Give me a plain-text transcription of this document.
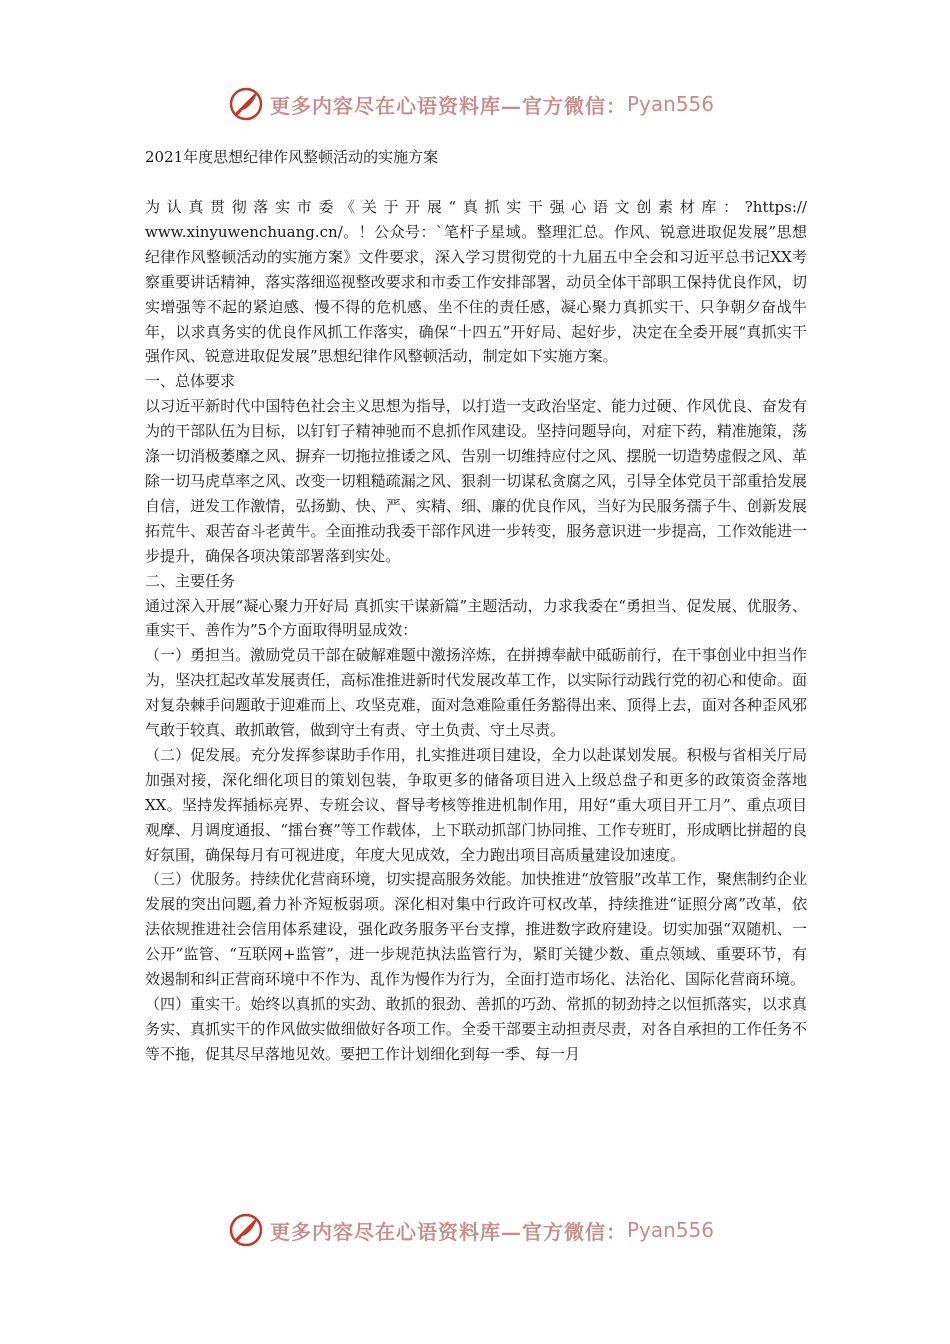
更多内容尽在心语资料库—官方微信： Pyan556
2021年度思想纪律作风整顿活动的实施方案

为认真贯彻落实市委《关于开展“真抓实干强心语文创素材库：?https://

www.xinyuwenchuang.cn/。！公众号：`笔杆子星域。整理汇总。作风、锐意进取促发展”思想纪律作风整顿活动的实施方案》文件要求，深入学习贯彻党的十九届五中全会和习近平总书记XX考察重要讲话精神，落实落细巡视整改要求和市委工作安排部署，动员全体干部职工保持优良作风，切实增强等不起的紧迫感、慢不得的危机感、坐不住的责任感，凝心聚力真抓实干、只争朝夕奋战牛年，以求真务实的优良作风抓工作落实，确保“十四五”开好局、起好步，决定在全委开展“真抓实干强作风、锐意进取促发展”思想纪律作风整顿活动，制定如下实施方案。

一、总体要求

以习近平新时代中国特色社会主义思想为指导，以打造一支政治坚定、能力过硬、作风优良、奋发有为的干部队伍为目标，以钉钉子精神驰而不息抓作风建设。坚持问题导向，对症下药，精准施策，荡涤一切消极萎靡之风、摒弃一切拖拉推诿之风、告别一切维持应付之风、摆脱一切造势虚假之风、革除一切马虎草率之风、改变一切粗糙疏漏之风、狠刹一切谋私贪腐之风，引导全体党员干部重拾发展自信，迸发工作激情，弘扬勤、快、严、实精、细、廉的优良作风，当好为民服务孺子牛、创新发展拓荒牛、艰苦奋斗老黄牛。全面推动我委干部作风进一步转变，服务意识进一步提高，工作效能进一步提升，确保各项决策部署落到实处。

二、主要任务

通过深入开展“凝心聚力开好局 真抓实干谋新篇”主题活动，力求我委在“勇担当、促发展、优服务、重实干、善作为”5个方面取得明显成效：

（一）勇担当。激励党员干部在破解难题中激扬淬炼，在拼搏奉献中砥砺前行，在干事创业中担当作为，坚决扛起改革发展责任，高标准推进新时代发展改革工作，以实际行动践行党的初心和使命。面对复杂棘手问题敢于迎难而上、攻坚克难，面对急难险重任务豁得出来、顶得上去，面对各种歪风邪气敢于较真、敢抓敢管，做到守土有责、守土负责、守土尽责。

（二）促发展。充分发挥参谋助手作用，扎实推进项目建设，全力以赴谋划发展。积极与省相关厅局加强对接，深化细化项目的策划包装，争取更多的储备项目进入上级总盘子和更多的政策资金落地XX。坚持发挥插标亮界、专班会议、督导考核等推进机制作用，用好“重大项目开工月”、重点项目观摩、月调度通报、“擂台赛”等工作载体，上下联动抓部门协同推、工作专班盯，形成晒比拼超的良好氛围，确保每月有可视进度，年度大见成效，全力跑出项目高质量建设加速度。

（三）优服务。持续优化营商环境，切实提高服务效能。加快推进“放管服”改革工作，聚焦制约企业发展的突出问题,着力补齐短板弱项。深化相对集中行政许可权改革，持续推进“证照分离”改革，依法依规推进社会信用体系建设，强化政务服务平台支撑，推进数字政府建设。切实加强“双随机、一公开”监管、“互联网+监管”，进一步规范执法监管行为，紧盯关键少数、重点领域、重要环节，有效遏制和纠正营商环境中不作为、乱作为慢作为行为，全面打造市场化、法治化、国际化营商环境。

（四）重实干。始终以真抓的实劲、敢抓的狠劲、善抓的巧劲、常抓的韧劲持之以恒抓落实，以求真务实、真抓实干的作风做实做细做好各项工作。全委干部要主动担责尽责，对各自承担的工作任务不等不拖，促其尽早落地见效。要把工作计划细化到每一季、每一月

更多内容尽在心语资料库—官方微信： Pyan556
